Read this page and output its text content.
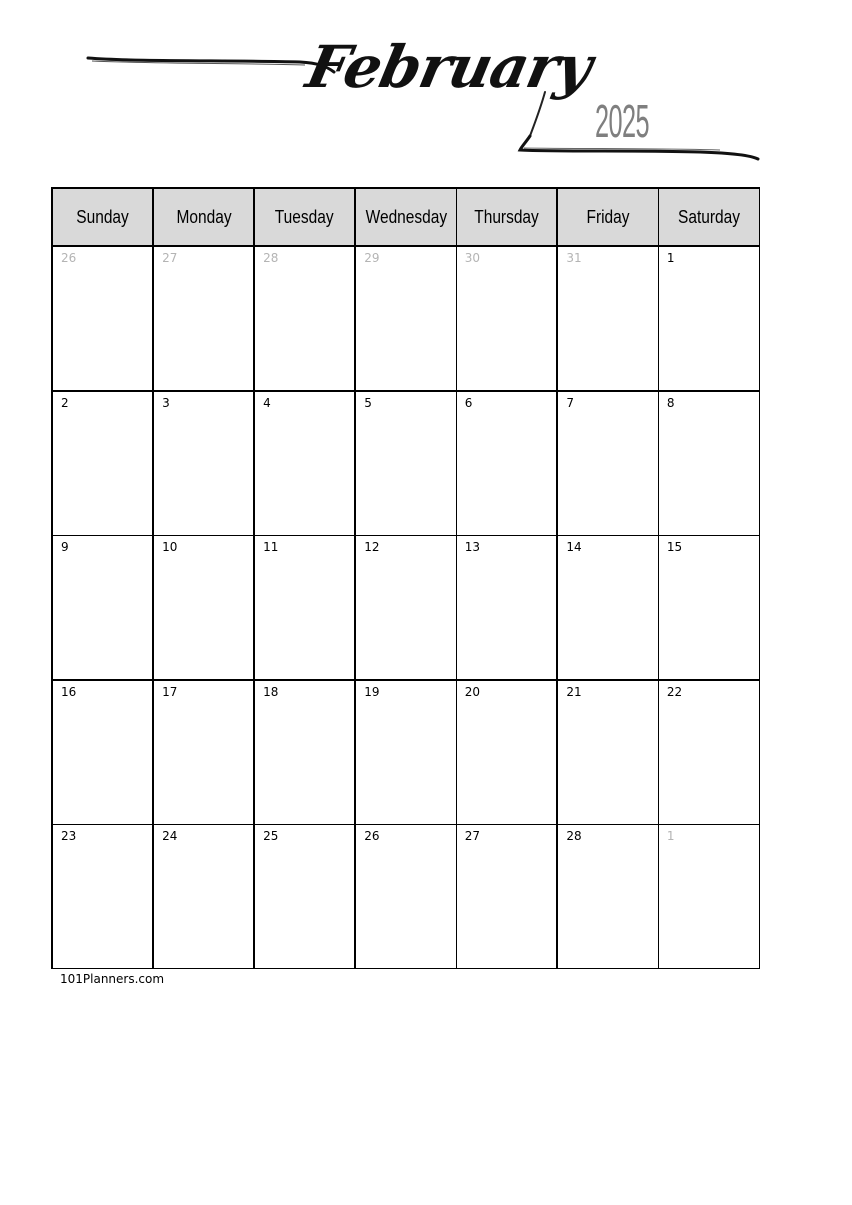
February
2025
Sunday	Monday	Tuesday	Wednesday	Thursday	Friday	Saturday

26	27	28	29	30	31	1

2	3	4	5	6	7	8

9	10	11	12	13	14	15

16	17	18	19	20	21	22

23	24	25	26	27	28	1
101Planners.com
